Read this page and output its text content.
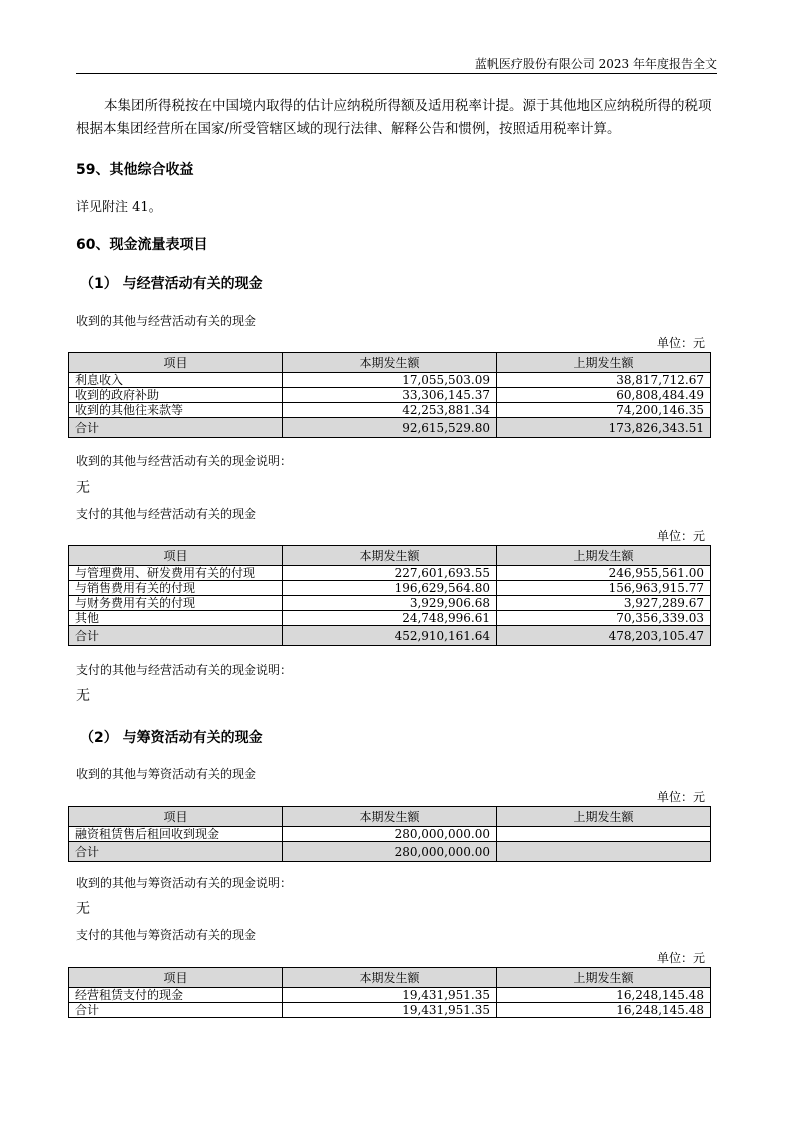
蓝帆医疗股份有限公司 2023 年年度报告全文
本集团所得税按在中国境内取得的估计应纳税所得额及适用税率计提。源于其他地区应纳税所得的税项根据本集团经营所在国家/所受管辖区域的现行法律、解释公告和惯例，按照适用税率计算。
59、其他综合收益
详见附注 41。
60、现金流量表项目
（1） 与经营活动有关的现金
收到的其他与经营活动有关的现金
单位：元
项目	本期发生额	上期发生额
利息收入	17,055,503.09	38,817,712.67
收到的政府补助	33,306,145.37	60,808,484.49
收到的其他往来款等	42,253,881.34	74,200,146.35
合计	92,615,529.80	173,826,343.51
收到的其他与经营活动有关的现金说明：
无
支付的其他与经营活动有关的现金
单位：元
项目	本期发生额	上期发生额
与管理费用、研发费用有关的付现	227,601,693.55	246,955,561.00
与销售费用有关的付现	196,629,564.80	156,963,915.77
与财务费用有关的付现	3,929,906.68	3,927,289.67
其他	24,748,996.61	70,356,339.03
合计	452,910,161.64	478,203,105.47
支付的其他与经营活动有关的现金说明：
无
（2） 与筹资活动有关的现金
收到的其他与筹资活动有关的现金
单位：元
项目	本期发生额	上期发生额
融资租赁售后租回收到现金	280,000,000.00	
合计	280,000,000.00	
收到的其他与筹资活动有关的现金说明：
无
支付的其他与筹资活动有关的现金
单位：元
项目	本期发生额	上期发生额
经营租赁支付的现金	19,431,951.35	16,248,145.48
合计	19,431,951.35	16,248,145.48
